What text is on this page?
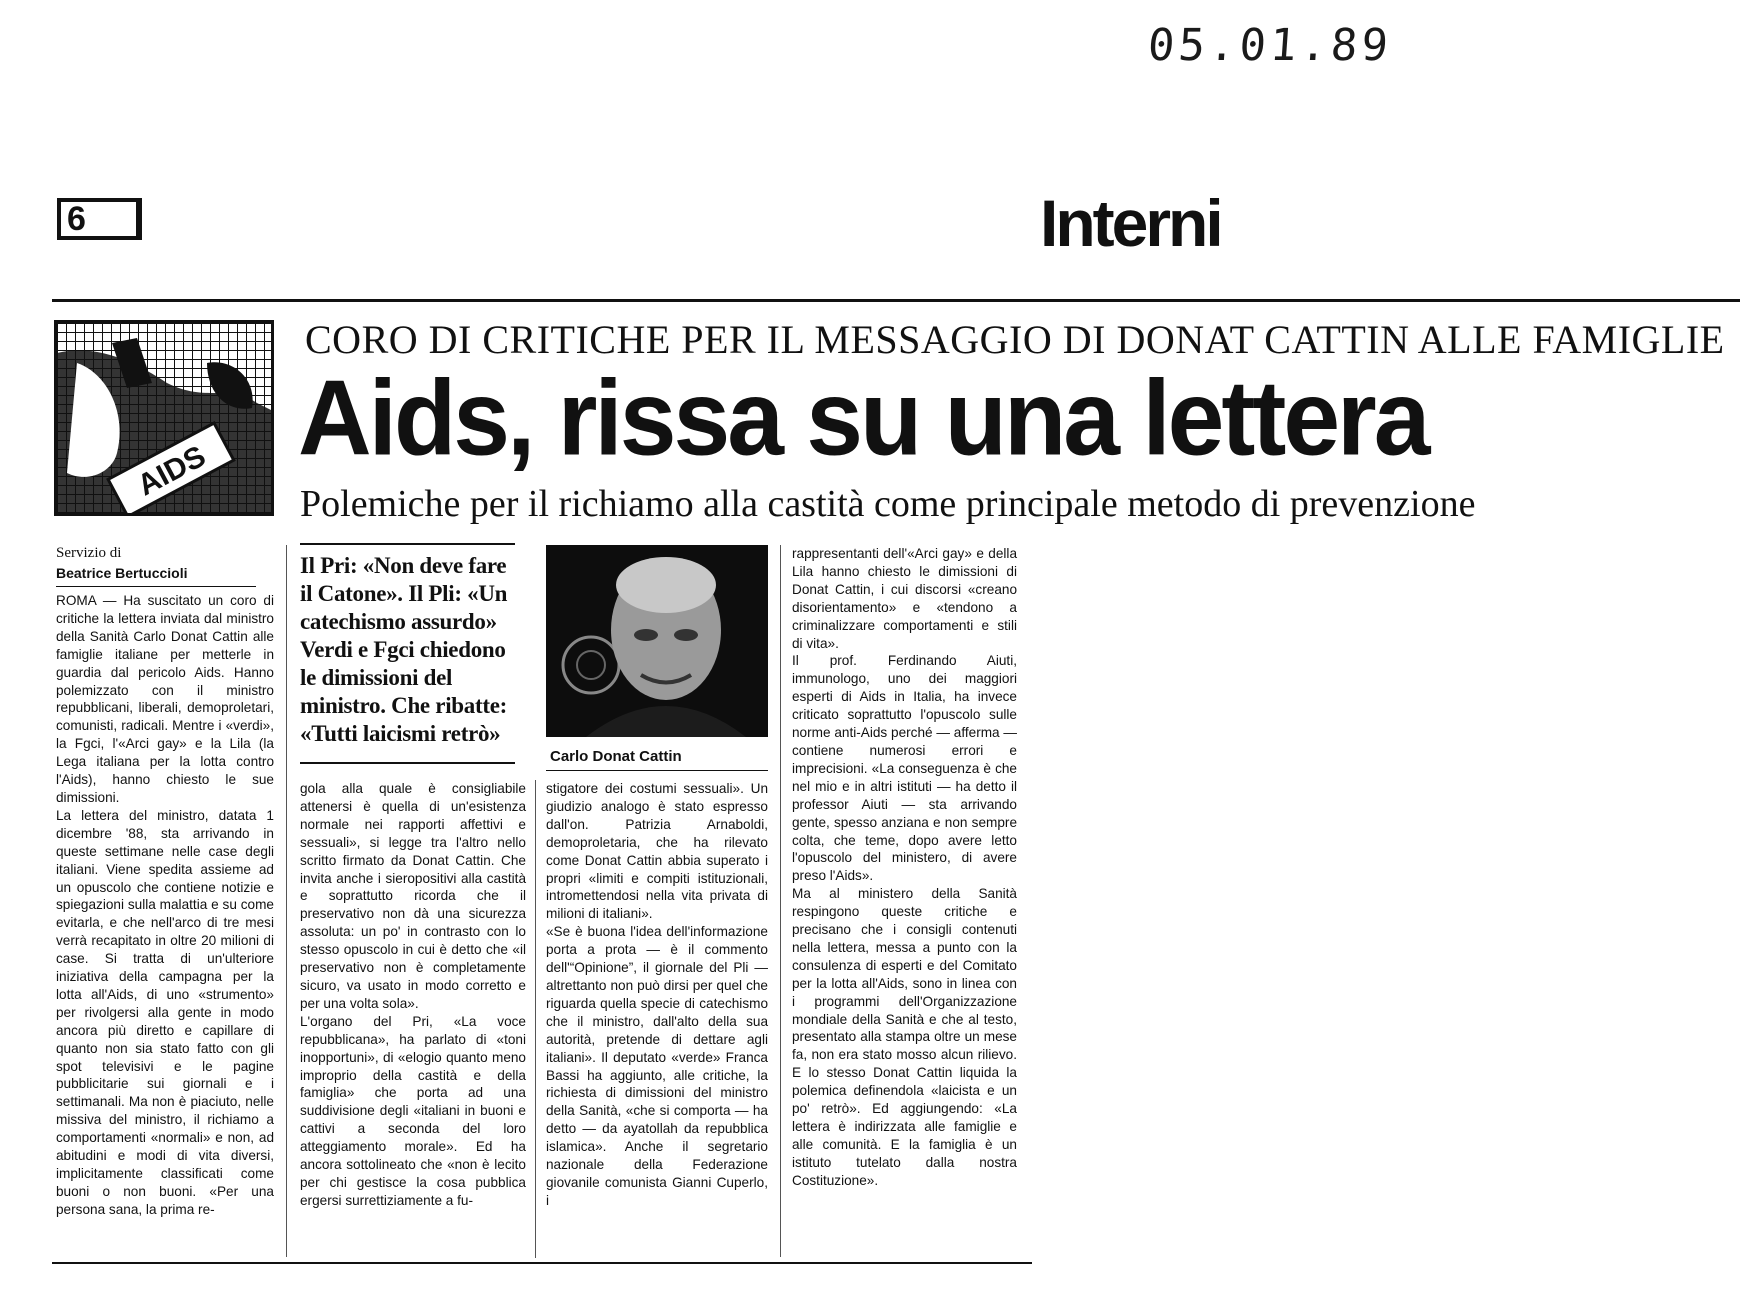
05.01.89
6	Interni
AIDS
CORO DI CRITICHE PER IL MESSAGGIO DI DONAT CATTIN ALLE FAMIGLIE
Aids, rissa su una lettera
Polemiche per il richiamo alla castità come principale metodo di prevenzione
Servizio di
Beatrice Bertuccioli

ROMA — Ha suscitato un coro di critiche la lettera inviata dal ministro della Sanità Carlo Donat Cattin alle famiglie italiane per metterle in guardia dal pericolo Aids. Hanno polemizzato con il ministro repubblicani, liberali, demoproletari, comunisti, radicali. Mentre i «verdi», la Fgci, l'«Arci gay» e la Lila (la Lega italiana per la lotta contro l'Aids), hanno chiesto le sue dimissioni.

La lettera del ministro, datata 1 dicembre '88, sta arrivando in queste settimane nelle case degli italiani. Viene spedita assieme ad un opuscolo che contiene notizie e spiegazioni sulla malattia e su come evitarla, e che nell'arco di tre mesi verrà recapitato in oltre 20 milioni di case. Si tratta di un'ulteriore iniziativa della campagna per la lotta all'Aids, di uno «strumento» per rivolgersi alla gente in modo ancora più diretto e capillare di quanto non sia stato fatto con gli spot televisivi e le pagine pubblicitarie sui giornali e i settimanali. Ma non è piaciuto, nelle missiva del ministro, il richiamo a comportamenti «normali» e non, ad abitudini e modi di vita diversi, implicitamente classificati come buoni o non buoni. «Per una persona sana, la prima re-

Il Pri: «Non deve fare il Catone». Il Pli: «Un catechismo assurdo» Verdi e Fgci chiedono le dimissioni del ministro. Che ribatte: «Tutti laicismi retrò»

gola alla quale è consigliabile attenersi è quella di un'esistenza normale nei rapporti affettivi e sessuali», si legge tra l'altro nello scritto firmato da Donat Cattin. Che invita anche i sieropositivi alla castità e soprattutto ricorda che il preservativo non dà una sicurezza assoluta: un po' in contrasto con lo stesso opuscolo in cui è detto che «il preservativo non è completamente sicuro, va usato in modo corretto e per una volta sola».

L'organo del Pri, «La voce repubblicana», ha parlato di «toni inopportuni», di «elogio quanto meno improprio della castità e della famiglia» che porta ad una suddivisione degli «italiani in buoni e cattivi a seconda del loro atteggiamento morale». Ed ha ancora sottolineato che «non è lecito per chi gestisce la cosa pubblica ergersi surrettiziamente a fu-

Carlo Donat Cattin

stigatore dei costumi sessuali». Un giudizio analogo è stato espresso dall'on. Patrizia Arnaboldi, demoproletaria, che ha rilevato come Donat Cattin abbia superato i propri «limiti e compiti istituzionali, intromettendosi nella vita privata di milioni di italiani».

«Se è buona l'idea dell'informazione porta a prota — è il commento dell'“Opinione”, il giornale del Pli — altrettanto non può dirsi per quel che riguarda quella specie di catechismo che il ministro, dall'alto della sua autorità, pretende di dettare agli italiani». Il deputato «verde» Franca Bassi ha aggiunto, alle critiche, la richiesta di dimissioni del ministro della Sanità, «che si comporta — ha detto — da ayatollah da repubblica islamica». Anche il segretario nazionale della Federazione giovanile comunista Gianni Cuperlo, i

rappresentanti dell'«Arci gay» e della Lila hanno chiesto le dimissioni di Donat Cattin, i cui discorsi «creano disorientamento» e «tendono a criminalizzare comportamenti e stili di vita».

Il prof. Ferdinando Aiuti, immunologo, uno dei maggiori esperti di Aids in Italia, ha invece criticato soprattutto l'opuscolo sulle norme anti-Aids perché — afferma — contiene numerosi errori e imprecisioni. «La conseguenza è che nel mio e in altri istituti — ha detto il professor Aiuti — sta arrivando gente, spesso anziana e non sempre colta, che teme, dopo avere letto l'opuscolo del ministero, di avere preso l'Aids».

Ma al ministero della Sanità respingono queste critiche e precisano che i consigli contenuti nella lettera, messa a punto con la consulenza di esperti e del Comitato per la lotta all'Aids, sono in linea con i programmi dell'Organizzazione mondiale della Sanità e che al testo, presentato alla stampa oltre un mese fa, non era stato mosso alcun rilievo. E lo stesso Donat Cattin liquida la polemica definendola «laicista e un po' retrò». Ed aggiungendo: «La lettera è indirizzata alle famiglie e alle comunità. E la famiglia è un istituto tutelato dalla nostra Costituzione».
